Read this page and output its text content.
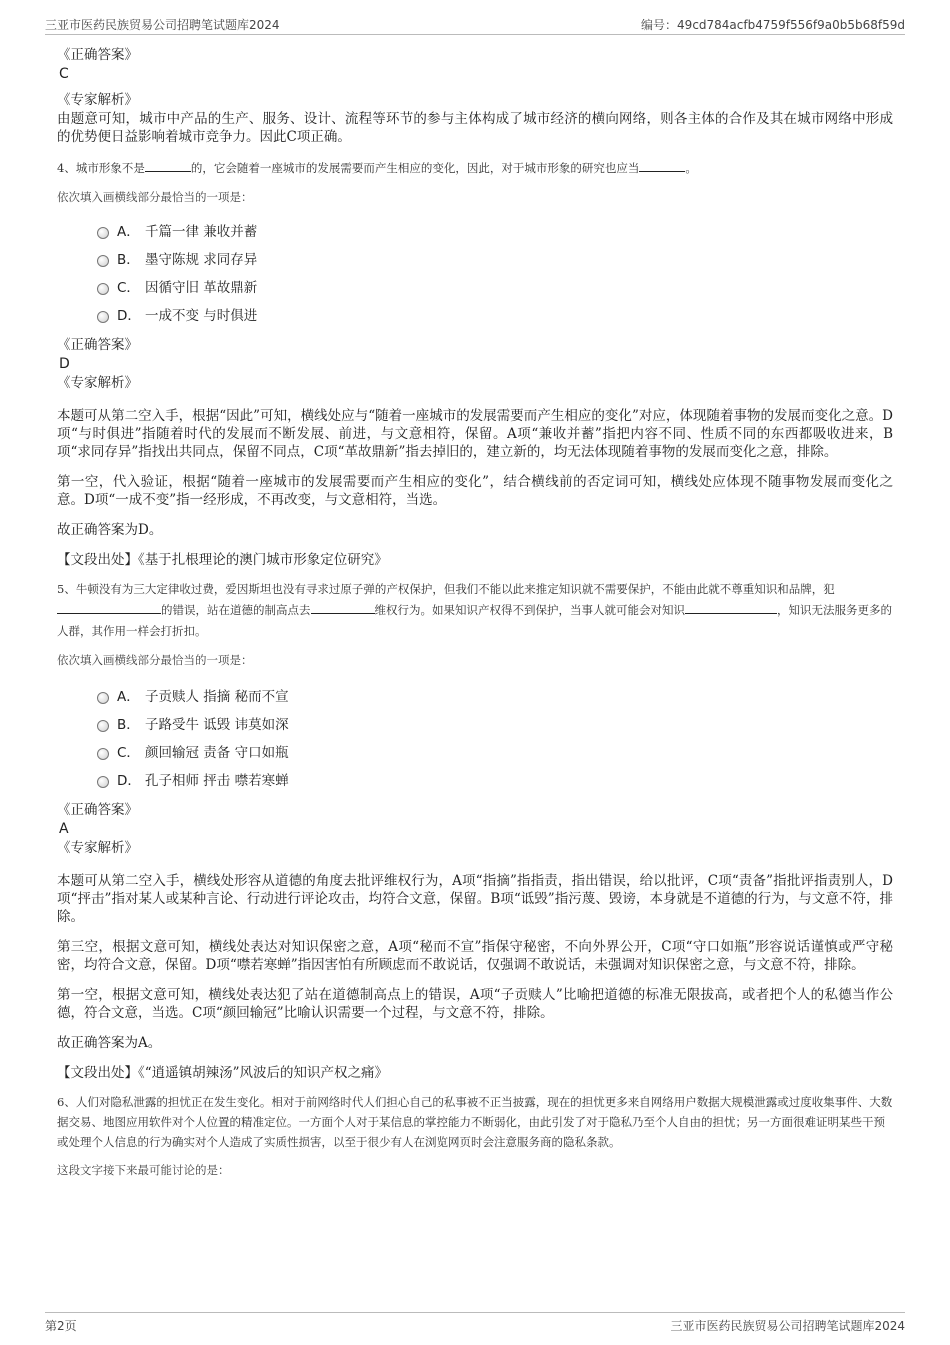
三亚市医药民族贸易公司招聘笔试题库2024	编号：49cd784acfb4759f556f9a0b5b68f59d

《正确答案》

C

《专家解析》

由题意可知，城市中产品的生产、服务、设计、流程等环节的参与主体构成了城市经济的横向网络，则各主体的合作及其在城市网络中形成的优势便日益影响着城市竞争力。因此C项正确。

4、城市形象不是	的，它会随着一座城市的发展需要而产生相应的变化，因此，对于城市形象的研究也应当	。

依次填入画横线部分最恰当的一项是：

A． 千篇一律 兼收并蓄
B． 墨守陈规 求同存异
C． 因循守旧 革故鼎新
D． 一成不变 与时俱进

《正确答案》

D

《专家解析》

本题可从第二空入手，根据“因此”可知，横线处应与“随着一座城市的发展需要而产生相应的变化”对应，体现随着事物的发展而变化之意。D项“与时俱进”指随着时代的发展而不断发展、前进，与文意相符，保留。A项“兼收并蓄”指把内容不同、性质不同的东西都吸收进来，B项“求同存异”指找出共同点，保留不同点，C项“革故鼎新”指去掉旧的，建立新的，均无法体现随着事物的发展而变化之意，排除。

第一空，代入验证，根据“随着一座城市的发展需要而产生相应的变化”，结合横线前的否定词可知，横线处应体现不随事物发展而变化之意。D项“一成不变”指一经形成，不再改变，与文意相符，当选。

故正确答案为D。

【文段出处】《基于扎根理论的澳门城市形象定位研究》

5、牛顿没有为三大定律收过费，爱因斯坦也没有寻求过原子弹的产权保护，但我们不能以此来推定知识就不需要保护，不能由此就不尊重知识和品牌，犯的错误，站在道德的制高点去	维权行为。如果知识产权得不到保护，当事人就可能会对知识	，知识无法服务更多的人群，其作用一样会打折扣。

依次填入画横线部分最恰当的一项是：

A． 子贡赎人 指摘 秘而不宣
B． 子路受牛 诋毁 讳莫如深
C． 颜回输冠 责备 守口如瓶
D． 孔子相师 抨击 噤若寒蝉

《正确答案》

A

《专家解析》

本题可从第二空入手，横线处形容从道德的角度去批评维权行为，A项“指摘”指指责，指出错误，给以批评，C项“责备”指批评指责别人，D项“抨击”指对某人或某种言论、行动进行评论攻击，均符合文意，保留。B项“诋毁”指污蔑、毁谤，本身就是不道德的行为，与文意不符，排除。

第三空，根据文意可知，横线处表达对知识保密之意，A项“秘而不宣”指保守秘密，不向外界公开，C项“守口如瓶”形容说话谨慎或严守秘密，均符合文意，保留。D项“噤若寒蝉”指因害怕有所顾虑而不敢说话，仅强调不敢说话，未强调对知识保密之意，与文意不符，排除。

第一空，根据文意可知，横线处表达犯了站在道德制高点上的错误，A项“子贡赎人”比喻把道德的标准无限拔高，或者把个人的私德当作公德，符合文意，当选。C项“颜回输冠”比喻认识需要一个过程，与文意不符，排除。

故正确答案为A。

【文段出处】《“逍遥镇胡辣汤”风波后的知识产权之痛》

6、人们对隐私泄露的担忧正在发生变化。相对于前网络时代人们担心自己的私事被不正当披露，现在的担忧更多来自网络用户数据大规模泄露或过度收集事件、大数据交易、地图应用软件对个人位置的精准定位。一方面个人对于某信息的掌控能力不断弱化，由此引发了对于隐私乃至个人自由的担忧；另一方面很难证明某些干预或处理个人信息的行为确实对个人造成了实质性损害，以至于很少有人在浏览网页时会注意服务商的隐私条款。

这段文字接下来最可能讨论的是：

第2页	三亚市医药民族贸易公司招聘笔试题库2024
